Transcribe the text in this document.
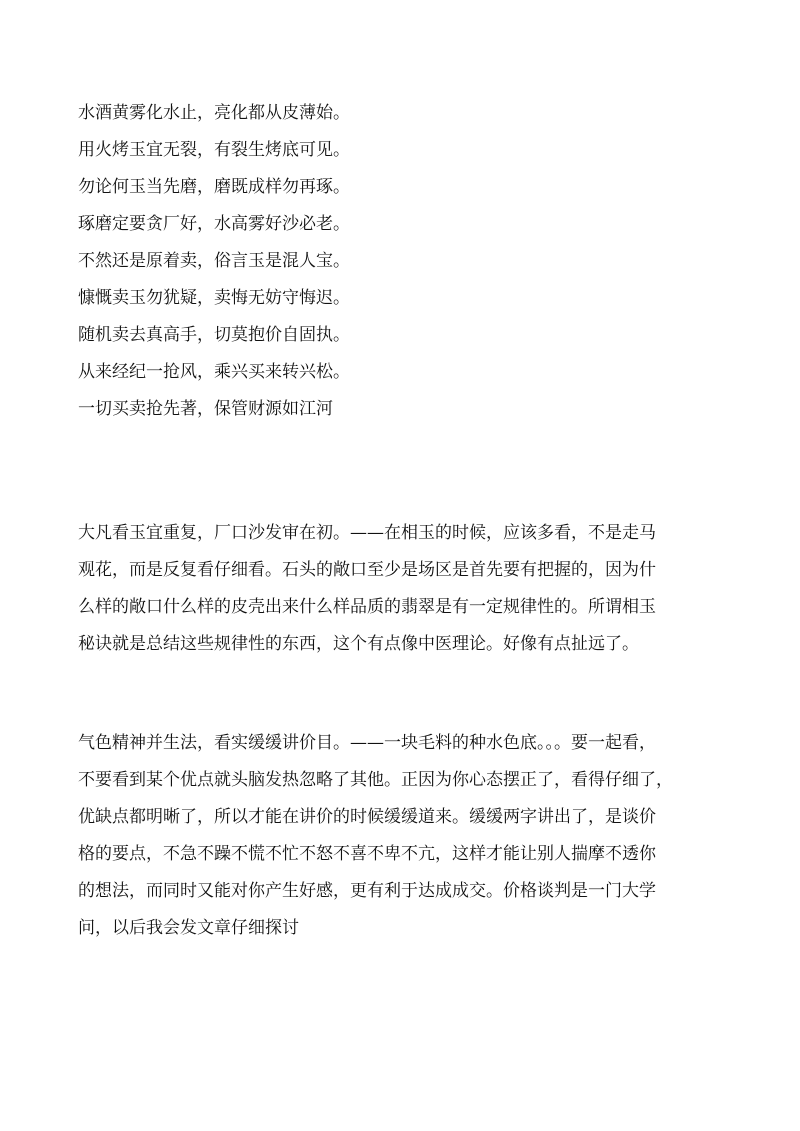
水酒黄雾化水止，亮化都从皮薄始。
用火烤玉宜无裂，有裂生烤底可见。
勿论何玉当先磨，磨既成样勿再琢。
琢磨定要贪厂好，水高雾好沙必老。
不然还是原着卖，俗言玉是混人宝。
慷慨卖玉勿犹疑，卖悔无妨守悔迟。
随机卖去真高手，切莫抱价自固执。
从来经纪一抢风，乘兴买来转兴松。
一切买卖抢先著，保管财源如江河
大凡看玉宜重复，厂口沙发审在初。——在相玉的时候，应该多看，不是走马
观花，而是反复看仔细看。石头的敞口至少是场区是首先要有把握的，因为什
么样的敞口什么样的皮壳出来什么样品质的翡翠是有一定规律性的。所谓相玉
秘诀就是总结这些规律性的东西，这个有点像中医理论。好像有点扯远了。
气色精神并生法，看实缓缓讲价目。——一块毛料的种水色底。。。要一起看，
不要看到某个优点就头脑发热忽略了其他。正因为你心态摆正了，看得仔细了，
优缺点都明晰了，所以才能在讲价的时候缓缓道来。缓缓两字讲出了，是谈价
格的要点，不急不躁不慌不忙不怒不喜不卑不亢，这样才能让别人揣摩不透你
的想法，而同时又能对你产生好感，更有利于达成成交。价格谈判是一门大学
问，以后我会发文章仔细探讨
